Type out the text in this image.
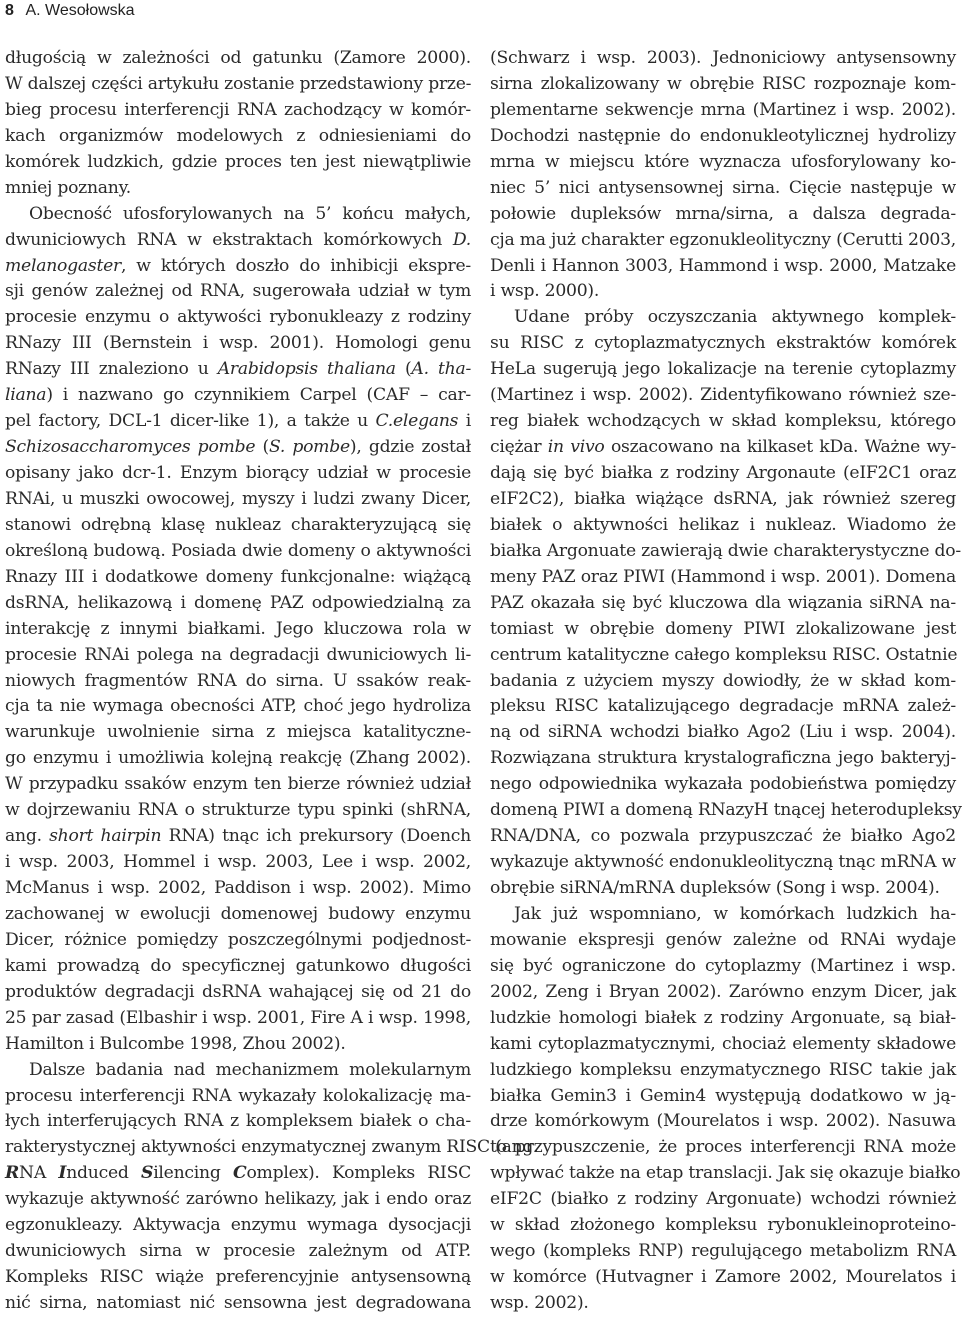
8 A. Wesołowska
długością w zależności od gatunku (Zamore 2000).
W dalszej części artykułu zostanie przedstawiony prze-
bieg procesu interferencji RNA zachodzący w komór-
kach organizmów modelowych z odniesieniami do
komórek ludzkich, gdzie proces ten jest niewątpliwie
mniej poznany.
Obecność ufosforylowanych na 5’ końcu małych,
dwuniciowych RNA w ekstraktach komórkowych D.
melanogaster, w których doszło do inhibicji ekspre-
sji genów zależnej od RNA, sugerowała udział w tym
procesie enzymu o aktywości rybonukleazy z rodziny
RNazy III (Bernstein i wsp. 2001). Homologi genu
RNazy III znaleziono u Arabidopsis thaliana (A. tha-
liana) i nazwano go czynnikiem Carpel (CAF – car-
pel factory, DCL-1 dicer-like 1), a także u C.elegans i
Schizosaccharomyces pombe (S. pombe), gdzie został
opisany jako dcr-1. Enzym biorący udział w procesie
RNAi, u muszki owocowej, myszy i ludzi zwany Dicer,
stanowi odrębną klasę nukleaz charakteryzującą się
określoną budową. Posiada dwie domeny o aktywności
Rnazy III i dodatkowe domeny funkcjonalne: wiążącą
dsRNA, helikazową i domenę PAZ odpowiedzialną za
interakcję z innymi białkami. Jego kluczowa rola w
procesie RNAi polega na degradacji dwuniciowych li-
niowych fragmentów RNA do sirna. U ssaków reak-
cja ta nie wymaga obecności ATP, choć jego hydroliza
warunkuje uwolnienie sirna z miejsca katalityczne-
go enzymu i umożliwia kolejną reakcję (Zhang 2002).
W przypadku ssaków enzym ten bierze również udział
w dojrzewaniu RNA o strukturze typu spinki (shRNA,
ang. short hairpin RNA) tnąc ich prekursory (Doench
i wsp. 2003, Hommel i wsp. 2003, Lee i wsp. 2002,
McManus i wsp. 2002, Paddison i wsp. 2002). Mimo
zachowanej w ewolucji domenowej budowy enzymu
Dicer, różnice pomiędzy poszczególnymi podjednost-
kami prowadzą do specyficznej gatunkowo długości
produktów degradacji dsRNA wahającej się od 21 do
25 par zasad (Elbashir i wsp. 2001, Fire A i wsp. 1998,
Hamilton i Bulcombe 1998, Zhou 2002).
Dalsze badania nad mechanizmem molekularnym
procesu interferencji RNA wykazały kolokalizację ma-
łych interferujących RNA z kompleksem białek o cha-
rakterystycznej aktywności enzymatycznej zwanym RISC (ang.
RNA Induced Silencing Complex). Kompleks RISC
wykazuje aktywność zarówno helikazy, jak i endo oraz
egzonukleazy. Aktywacja enzymu wymaga dysocjacji
dwuniciowych sirna w procesie zależnym od ATP.
Kompleks RISC wiąże preferencyjnie antysensowną
nić sirna, natomiast nić sensowna jest degradowana
(Schwarz i wsp. 2003). Jednoniciowy antysensowny
sirna zlokalizowany w obrębie RISC rozpoznaje kom-
plementarne sekwencje mrna (Martinez i wsp. 2002).
Dochodzi następnie do endonukleotylicznej hydrolizy
mrna w miejscu które wyznacza ufosforylowany ko-
niec 5’ nici antysensownej sirna. Cięcie następuje w
połowie dupleksów mrna/sirna, a dalsza degrada-
cja ma już charakter egzonukleolityczny (Cerutti 2003,
Denli i Hannon 3003, Hammond i wsp. 2000, Matzake
i wsp. 2000).
Udane próby oczyszczania aktywnego komplek-
su RISC z cytoplazmatycznych ekstraktów komórek
HeLa sugerują jego lokalizacje na terenie cytoplazmy
(Martinez i wsp. 2002). Zidentyfikowano również sze-
reg białek wchodzących w skład kompleksu, którego
ciężar in vivo oszacowano na kilkaset kDa. Ważne wy-
dają się być białka z rodziny Argonaute (eIF2C1 oraz
eIF2C2), białka wiążące dsRNA, jak również szereg
białek o aktywności helikaz i nukleaz. Wiadomo że
białka Argonuate zawierają dwie charakterystyczne do-
meny PAZ oraz PIWI (Hammond i wsp. 2001). Domena
PAZ okazała się być kluczowa dla wiązania siRNA na-
tomiast w obrębie domeny PIWI zlokalizowane jest
centrum katalityczne całego kompleksu RISC. Ostatnie
badania z użyciem myszy dowiodły, że w skład kom-
pleksu RISC katalizującego degradacje mRNA zależ-
ną od siRNA wchodzi białko Ago2 (Liu i wsp. 2004).
Rozwiązana struktura krystalograficzna jego bakteryj-
nego odpowiednika wykazała podobieństwa pomiędzy
domeną PIWI a domeną RNazyH tnącej heterodupleksy
RNA/DNA, co pozwala przypuszczać że białko Ago2
wykazuje aktywność endonukleolityczną tnąc mRNA w
obrębie siRNA/mRNA dupleksów (Song i wsp. 2004).
Jak już wspomniano, w komórkach ludzkich ha-
mowanie ekspresji genów zależne od RNAi wydaje
się być ograniczone do cytoplazmy (Martinez i wsp.
2002, Zeng i Bryan 2002). Zarówno enzym Dicer, jak
ludzkie homologi białek z rodziny Argonuate, są biał-
kami cytoplazmatycznymi, chociaż elementy składowe
ludzkiego kompleksu enzymatycznego RISC takie jak
białka Gemin3 i Gemin4 występują dodatkowo w ją-
drze komórkowym (Mourelatos i wsp. 2002). Nasuwa
to przypuszczenie, że proces interferencji RNA może
wpływać także na etap translacji. Jak się okazuje białko
eIF2C (białko z rodziny Argonuate) wchodzi również
w skład złożonego kompleksu rybonukleinoproteino-
wego (kompleks RNP) regulującego metabolizm RNA
w komórce (Hutvagner i Zamore 2002, Mourelatos i
wsp. 2002).
